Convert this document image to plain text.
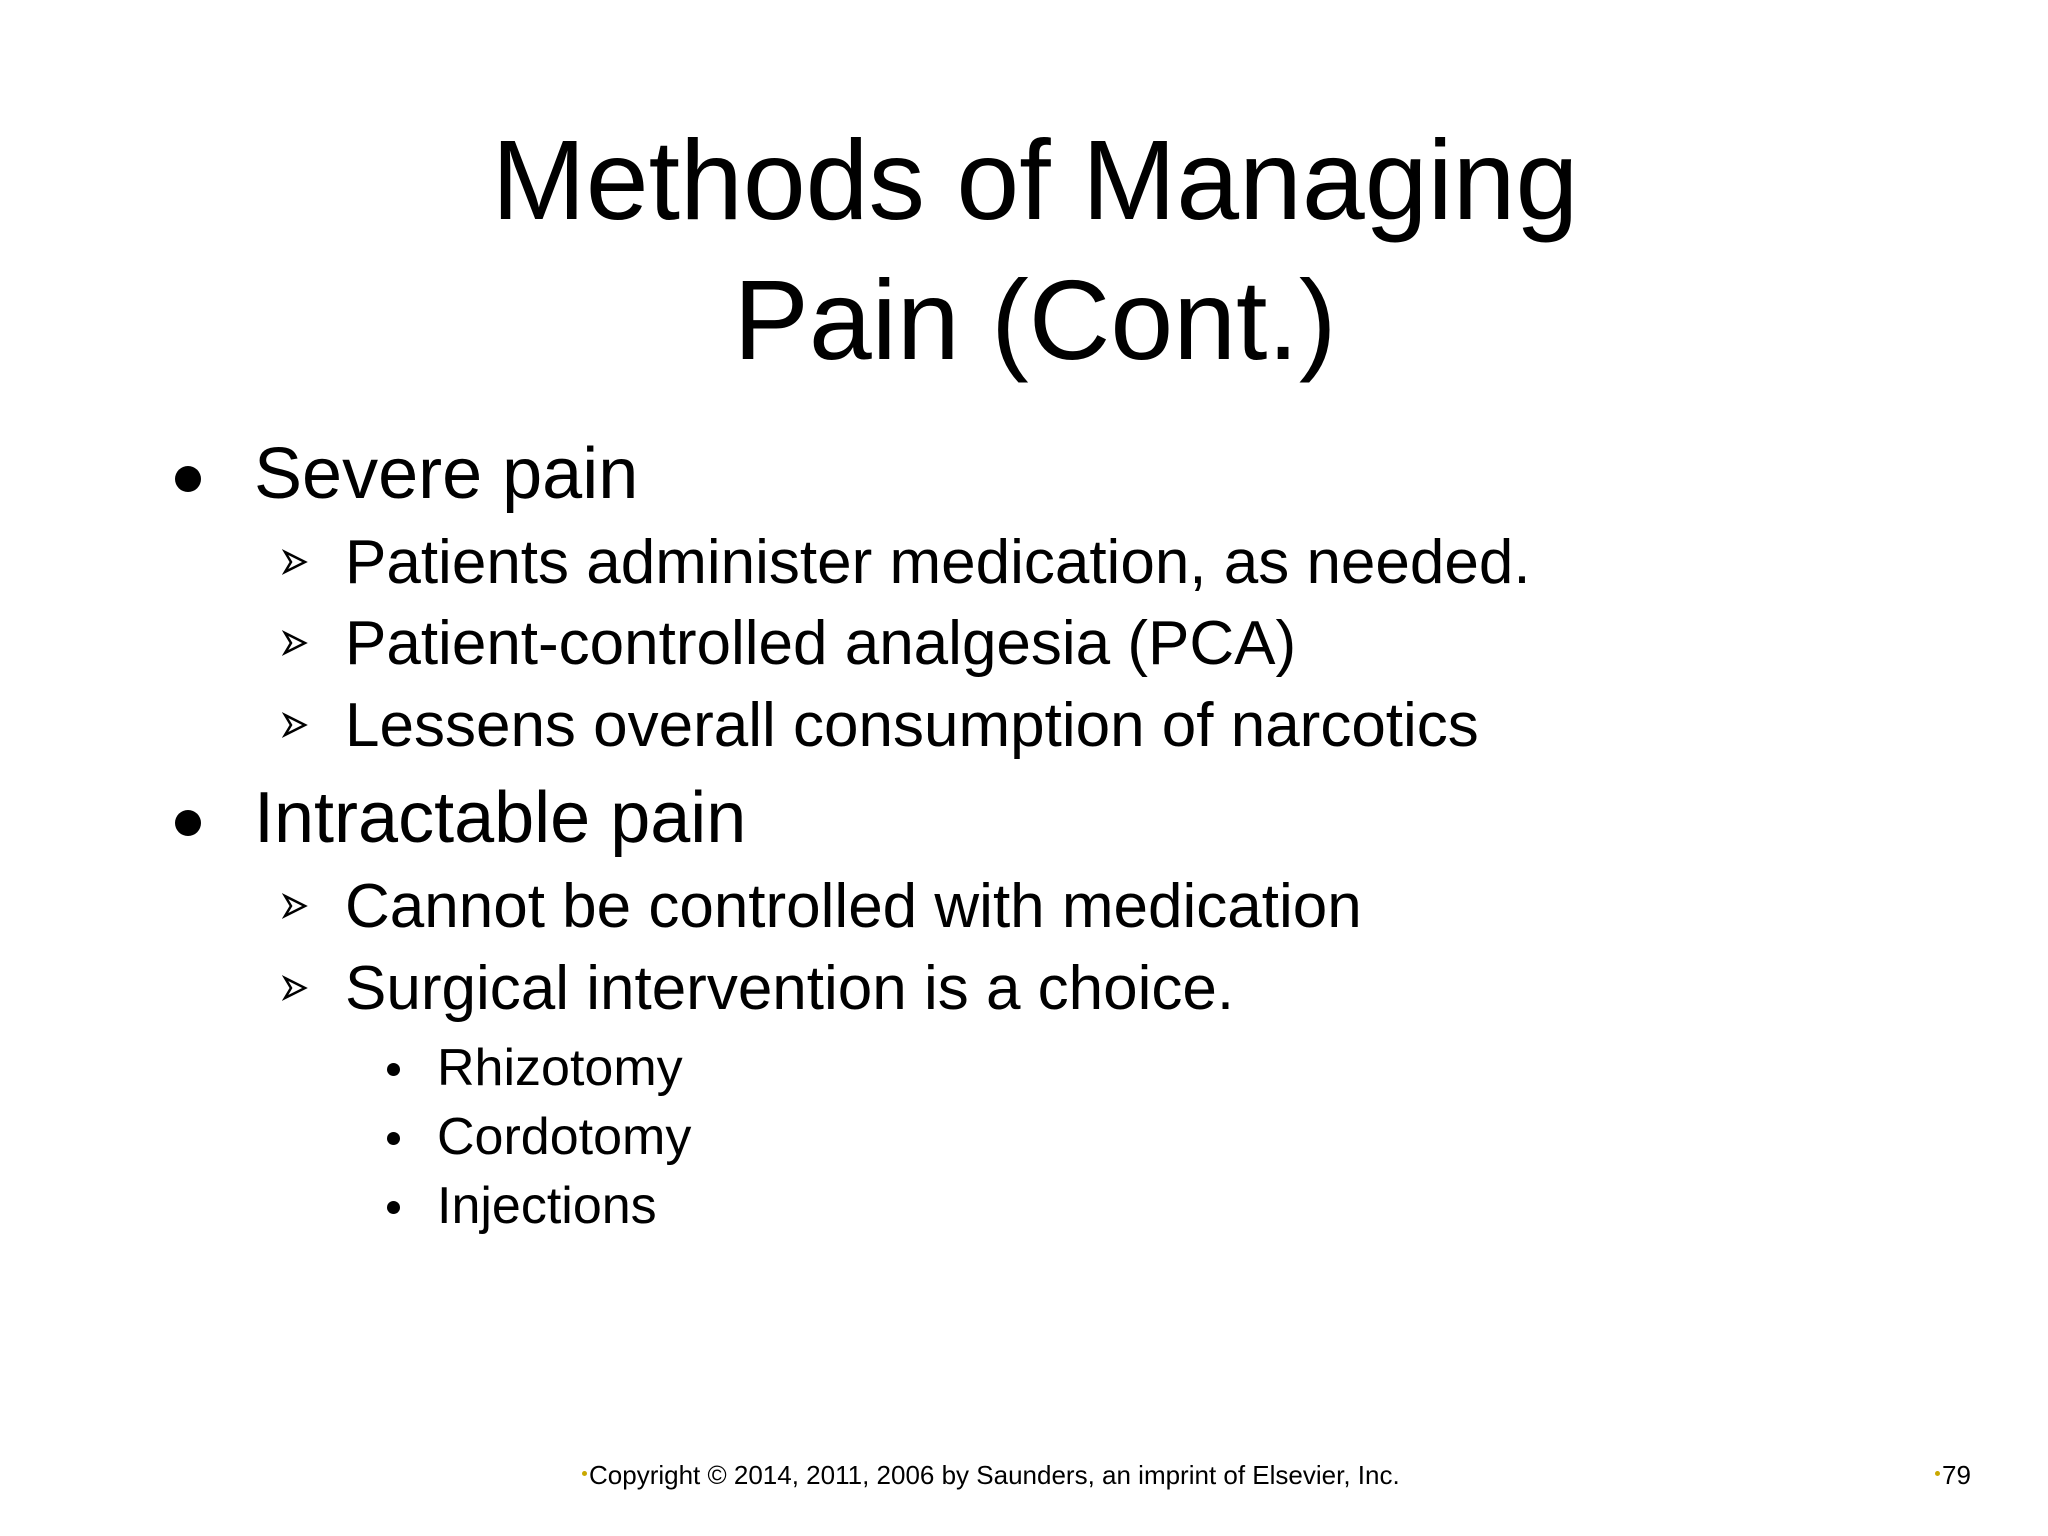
Methods of Managing
Pain (Cont.)
Severe pain
Patients administer medication, as needed.
Patient-controlled analgesia (PCA)
Lessens overall consumption of narcotics
Intractable pain
Cannot be controlled with medication
Surgical intervention is a choice.
Rhizotomy
Cordotomy
Injections
Copyright © 2014, 2011, 2006 by Saunders, an imprint of Elsevier, Inc.	79
